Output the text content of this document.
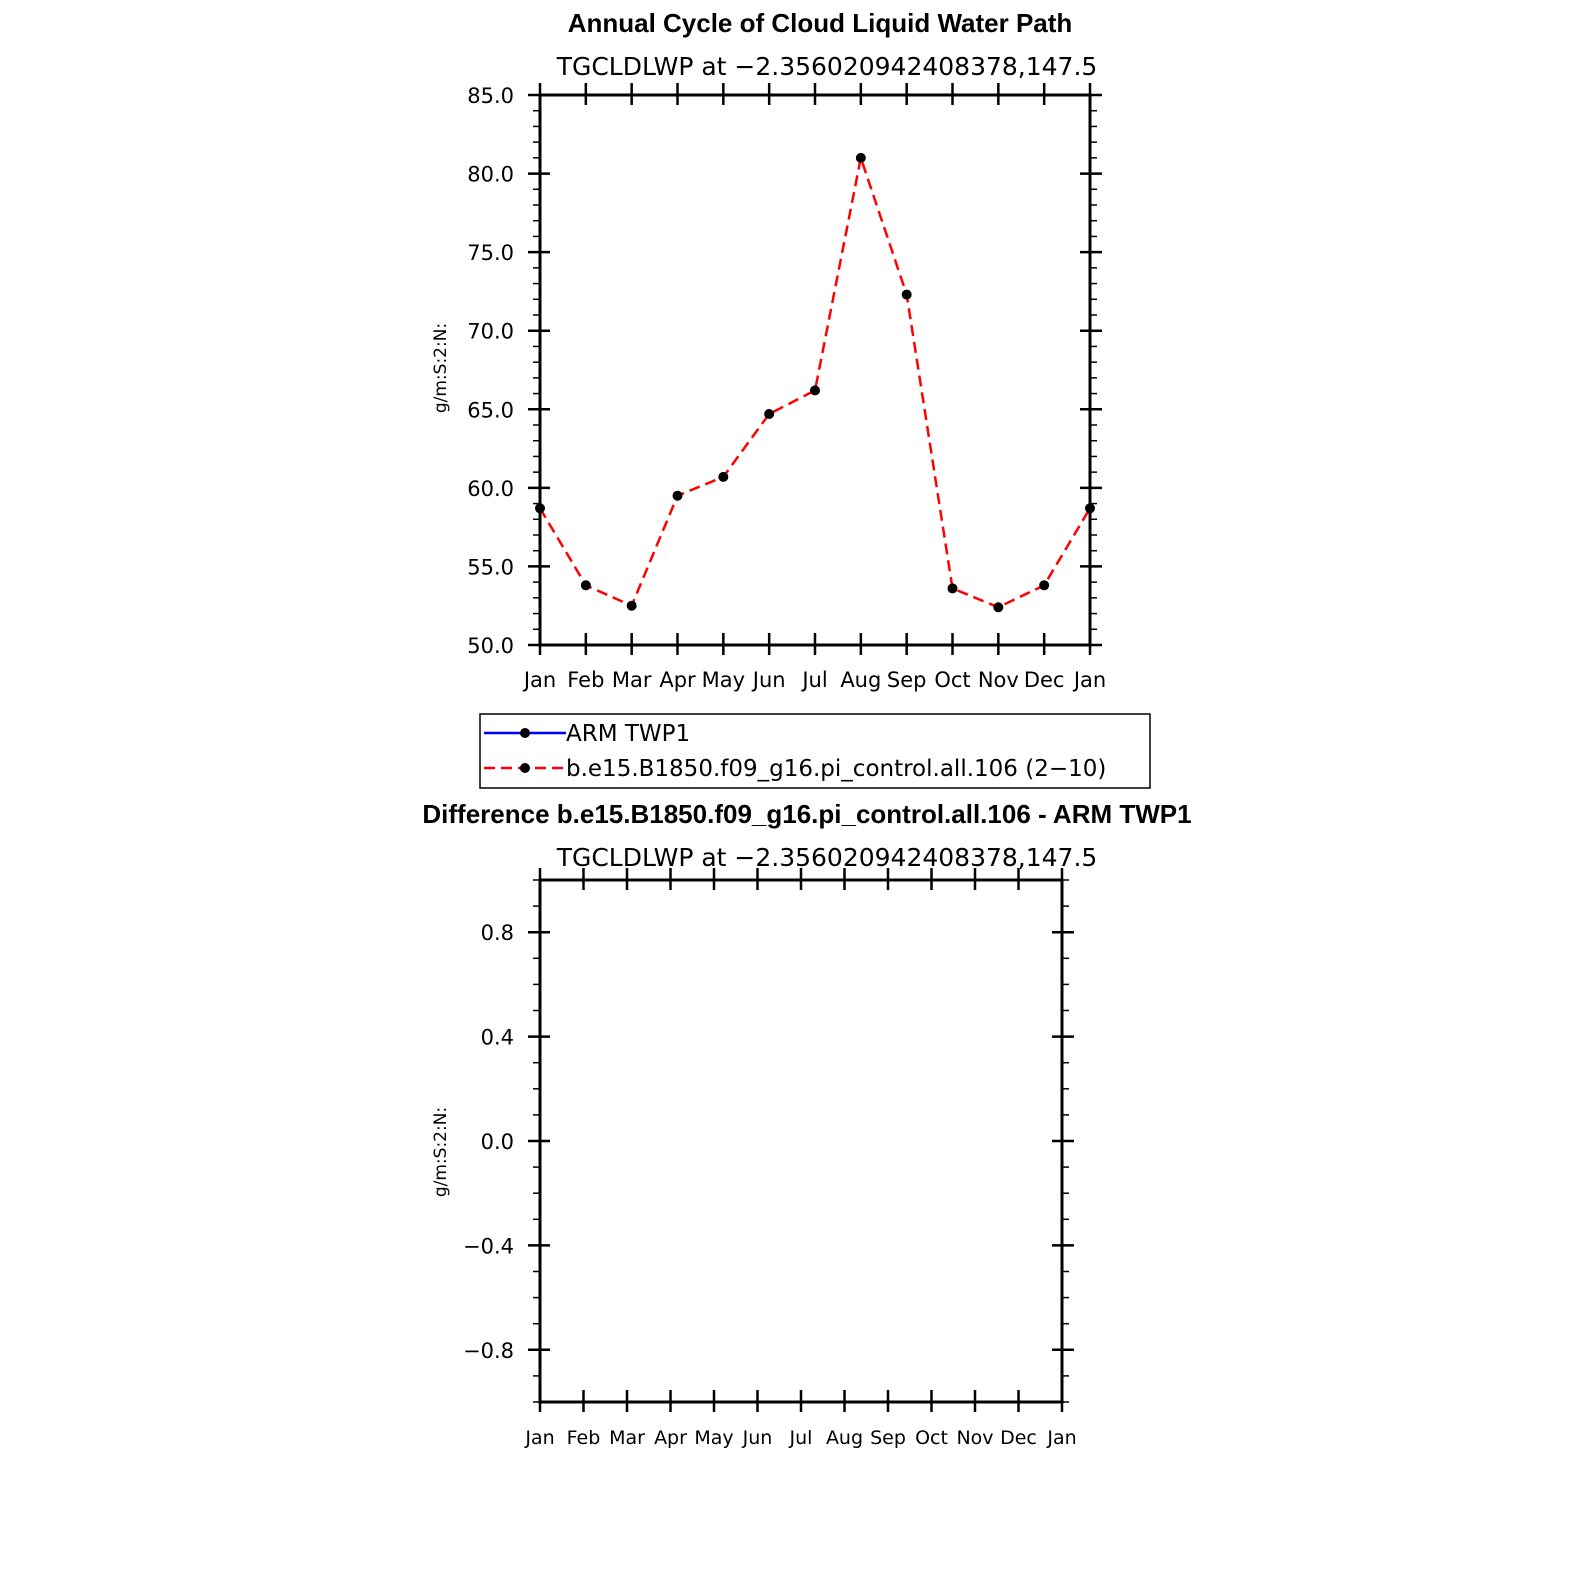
Annual Cycle of Cloud Liquid Water Path
TGCLDLWP at −2.356020942408378,147.5
Jan Feb Mar Apr May Jun Jul Aug Sep Oct Nov Dec Jan
50.0
55.0
60.0
65.0
70.0
75.0
80.0
85.0
g/m:S:2:N:
ARM TWP1
b.e15.B1850.f09_g16.pi_control.all.106 (2−10)
Difference b.e15.B1850.f09_g16.pi_control.all.106 - ARM TWP1
TGCLDLWP at −2.356020942408378,147.5
Jan Feb Mar Apr May Jun Jul Aug Sep Oct Nov Dec Jan
−0.8
−0.4
0.0
0.4
0.8
g/m:S:2:N:
